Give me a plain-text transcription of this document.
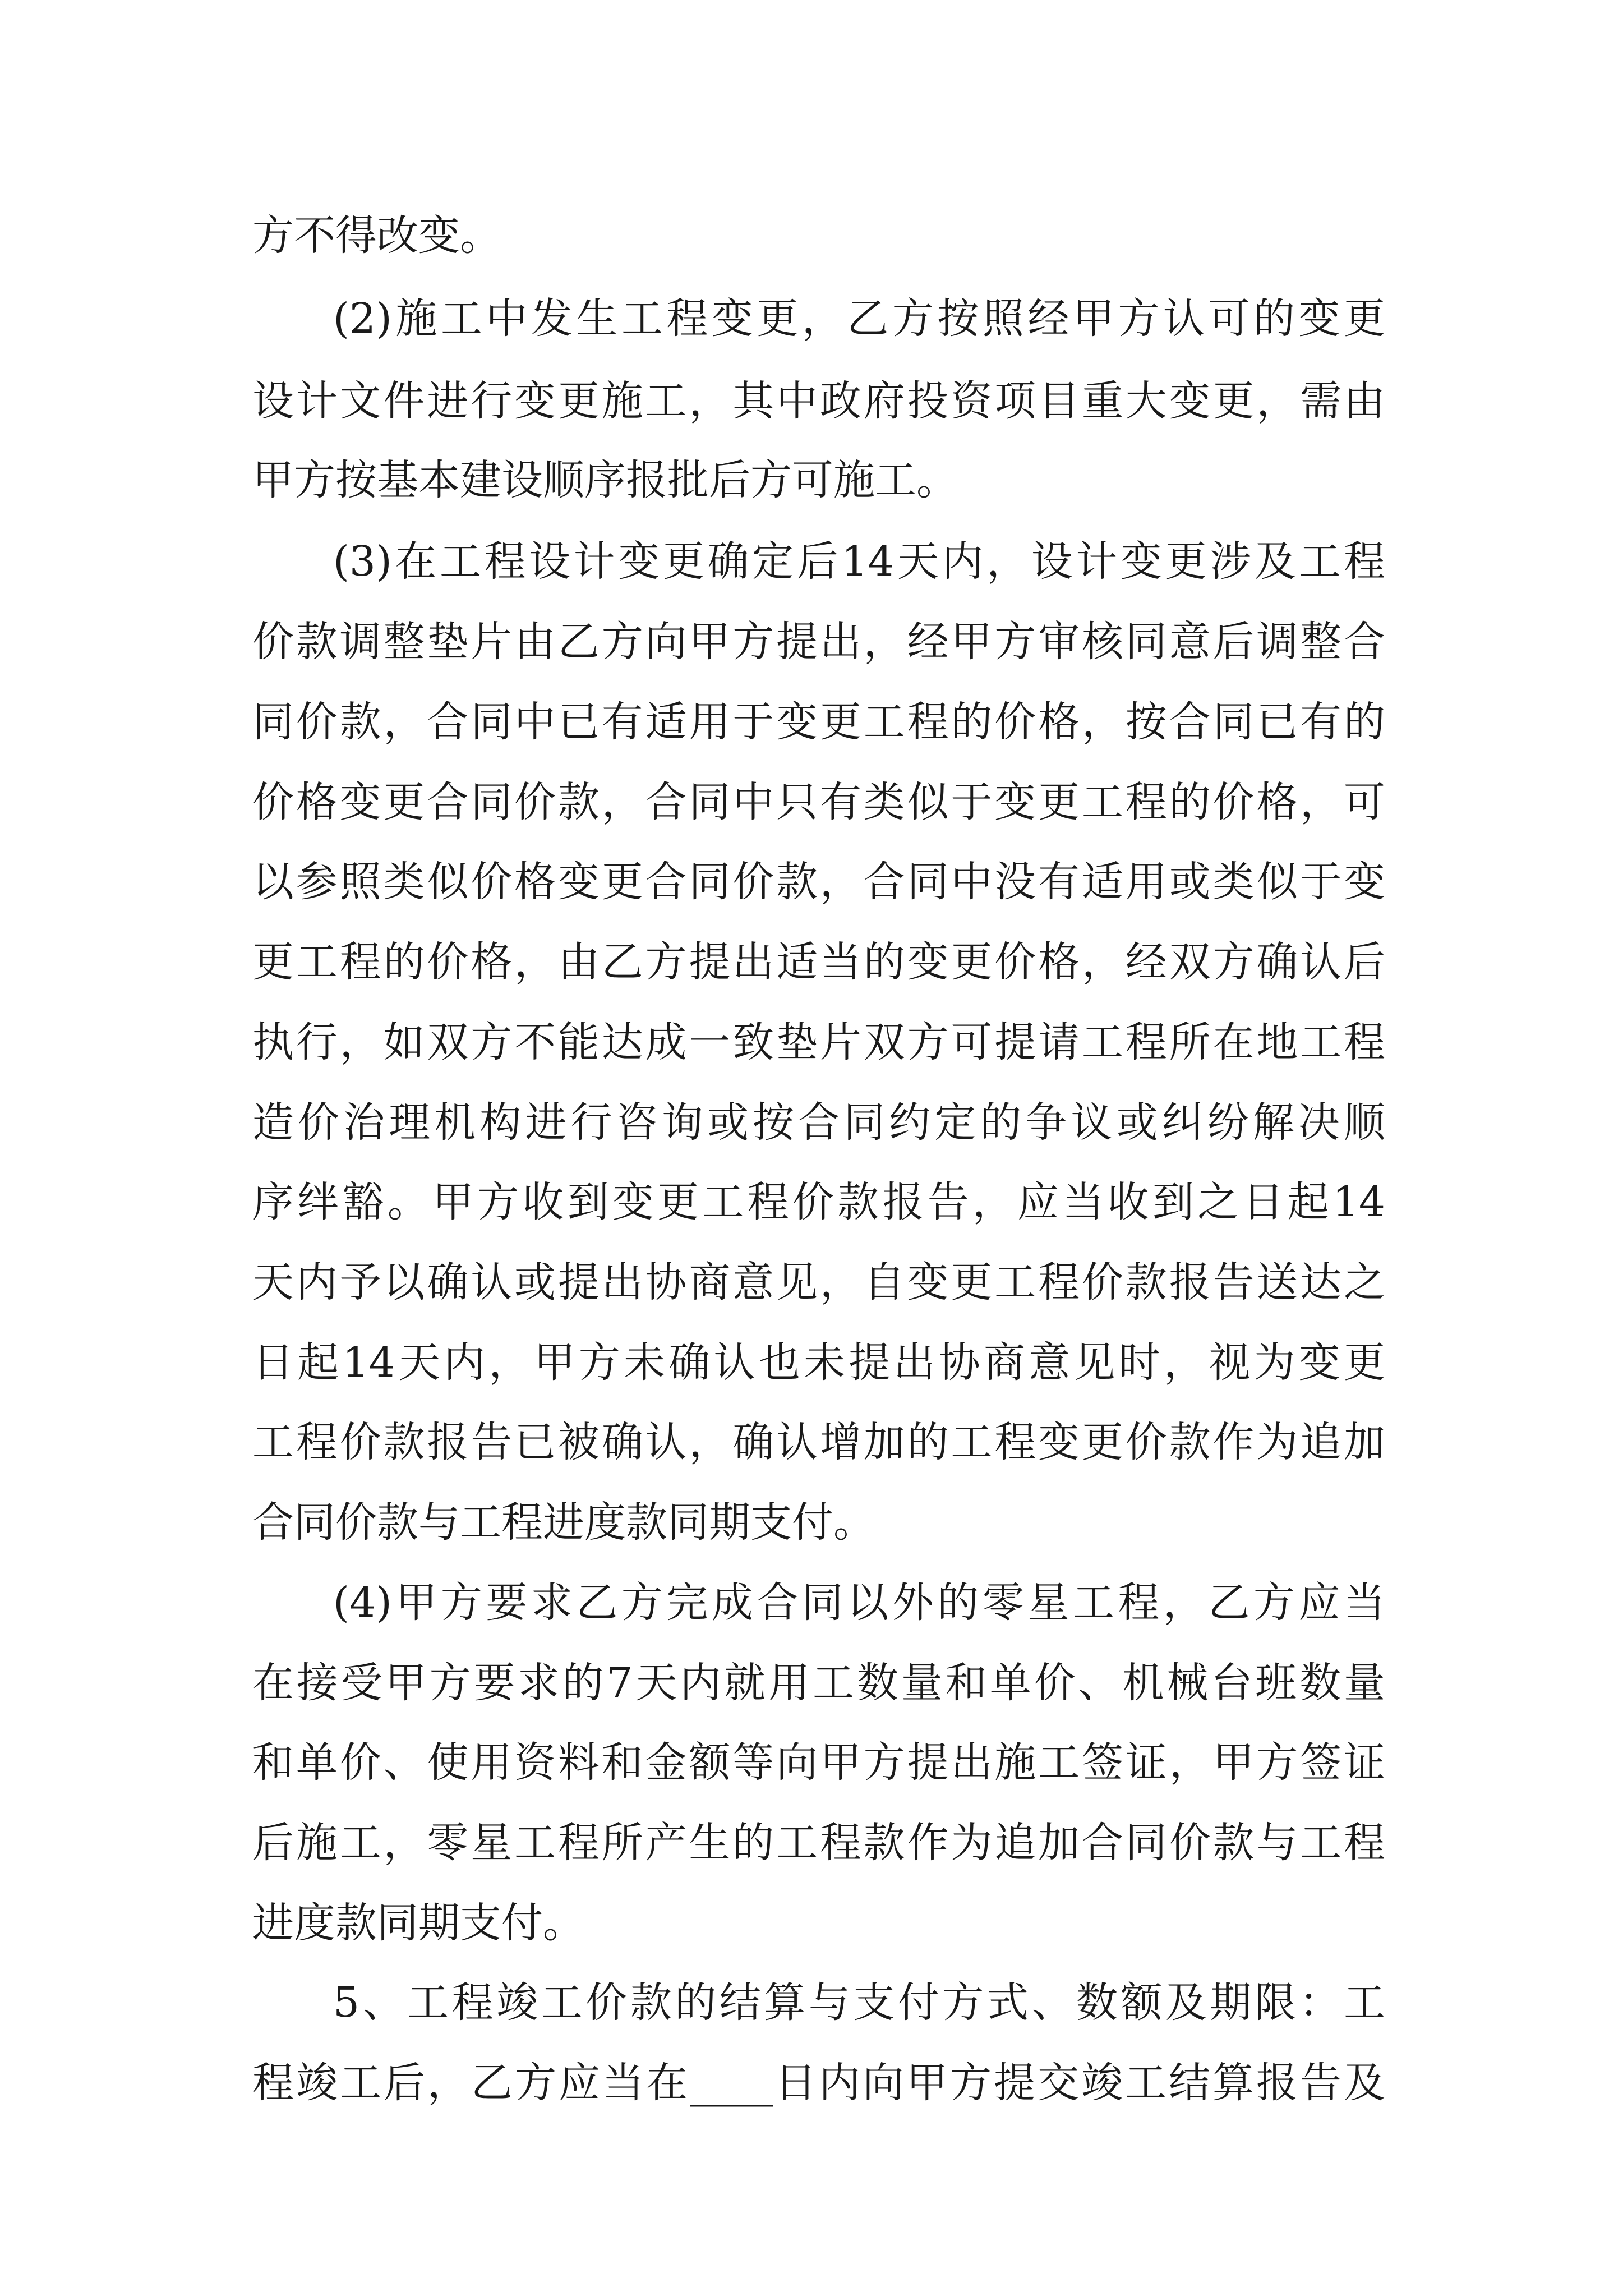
方不得改变。
(2)施工中发生工程变更，乙方按照经甲方认可的变更
设计文件进行变更施工，其中政府投资项目重大变更，需由
甲方按基本建设顺序报批后方可施工。
(3)在工程设计变更确定后14天内，设计变更涉及工程
价款调整垫片由乙方向甲方提出，经甲方审核同意后调整合
同价款，合同中已有适用于变更工程的价格，按合同已有的
价格变更合同价款，合同中只有类似于变更工程的价格，可
以参照类似价格变更合同价款，合同中没有适用或类似于变
更工程的价格，由乙方提出适当的变更价格，经双方确认后
执行，如双方不能达成一致垫片双方可提请工程所在地工程
造价治理机构进行咨询或按合同约定的争议或纠纷解决顺
序绊豁。甲方收到变更工程价款报告，应当收到之日起14
天内予以确认或提出协商意见，自变更工程价款报告送达之
日起14天内，甲方未确认也未提出协商意见时，视为变更
工程价款报告已被确认，确认增加的工程变更价款作为追加
合同价款与工程进度款同期支付。
(4)甲方要求乙方完成合同以外的零星工程，乙方应当
在接受甲方要求的7天内就用工数量和单价、机械台班数量
和单价、使用资料和金额等向甲方提出施工签证，甲方签证
后施工，零星工程所产生的工程款作为追加合同价款与工程
进度款同期支付。
5、工程竣工价款的结算与支付方式、数额及期限：工
程竣工后，乙方应当在____日内向甲方提交竣工结算报告及
